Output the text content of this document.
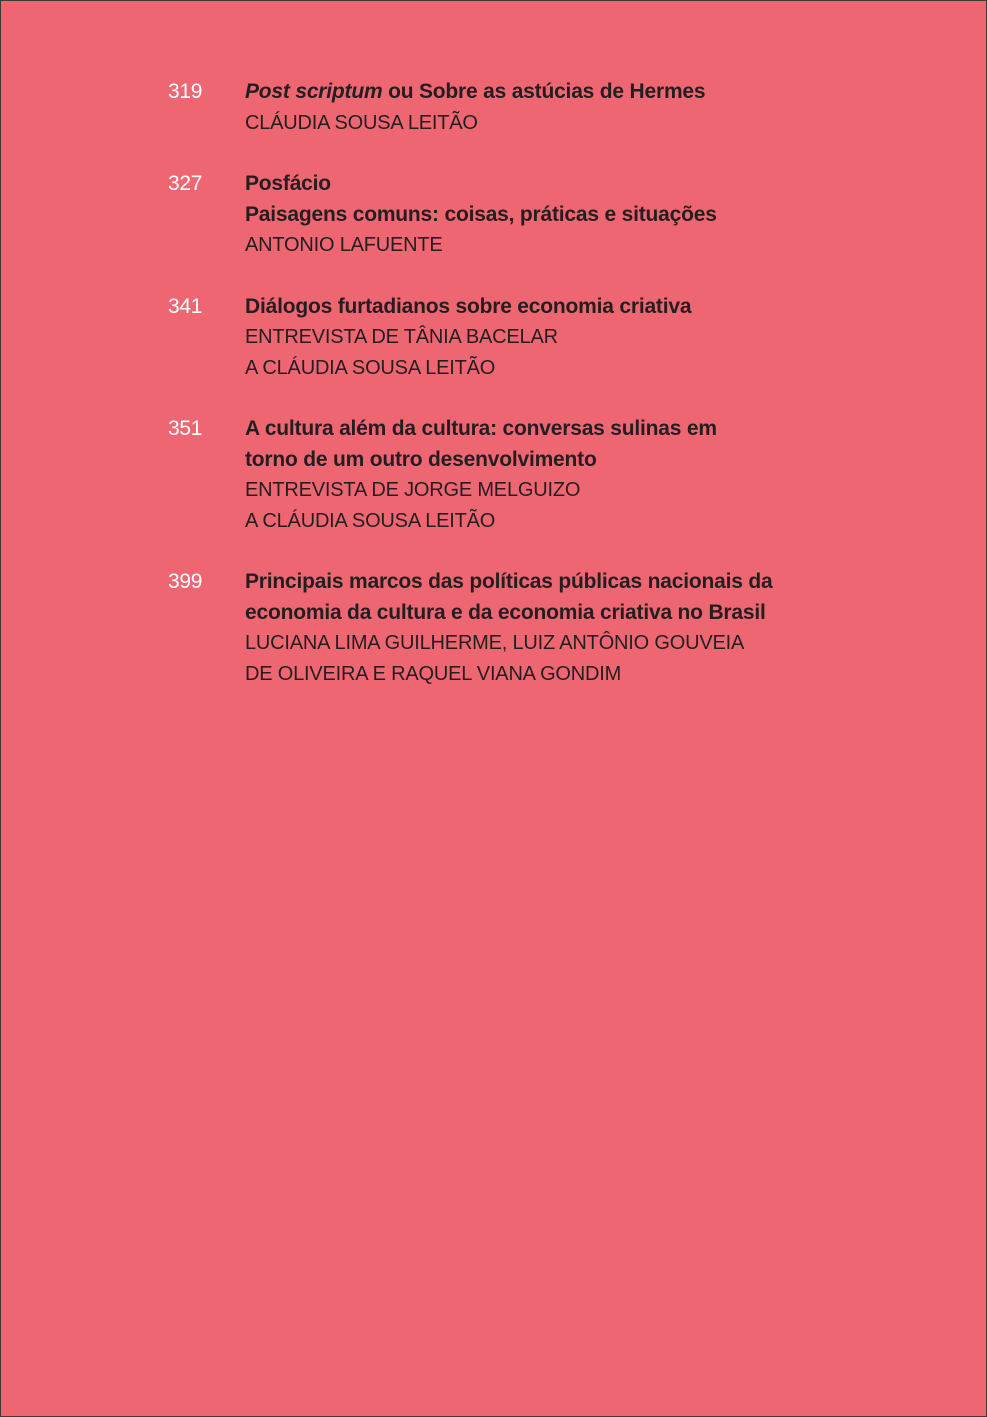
319 Post scriptum ou Sobre as astúcias de Hermes
CLÁUDIA SOUSA LEITÃO
327 Posfácio
Paisagens comuns: coisas, práticas e situações
ANTONIO LAFUENTE
341 Diálogos furtadianos sobre economia criativa
ENTREVISTA DE TÂNIA BACELAR
A CLÁUDIA SOUSA LEITÃO
351 A cultura além da cultura: conversas sulinas em
torno de um outro desenvolvimento
ENTREVISTA DE JORGE MELGUIZO
A CLÁUDIA SOUSA LEITÃO
399 Principais marcos das políticas públicas nacionais da
economia da cultura e da economia criativa no Brasil
LUCIANA LIMA GUILHERME, LUIZ ANTÔNIO GOUVEIA
DE OLIVEIRA E RAQUEL VIANA GONDIM
